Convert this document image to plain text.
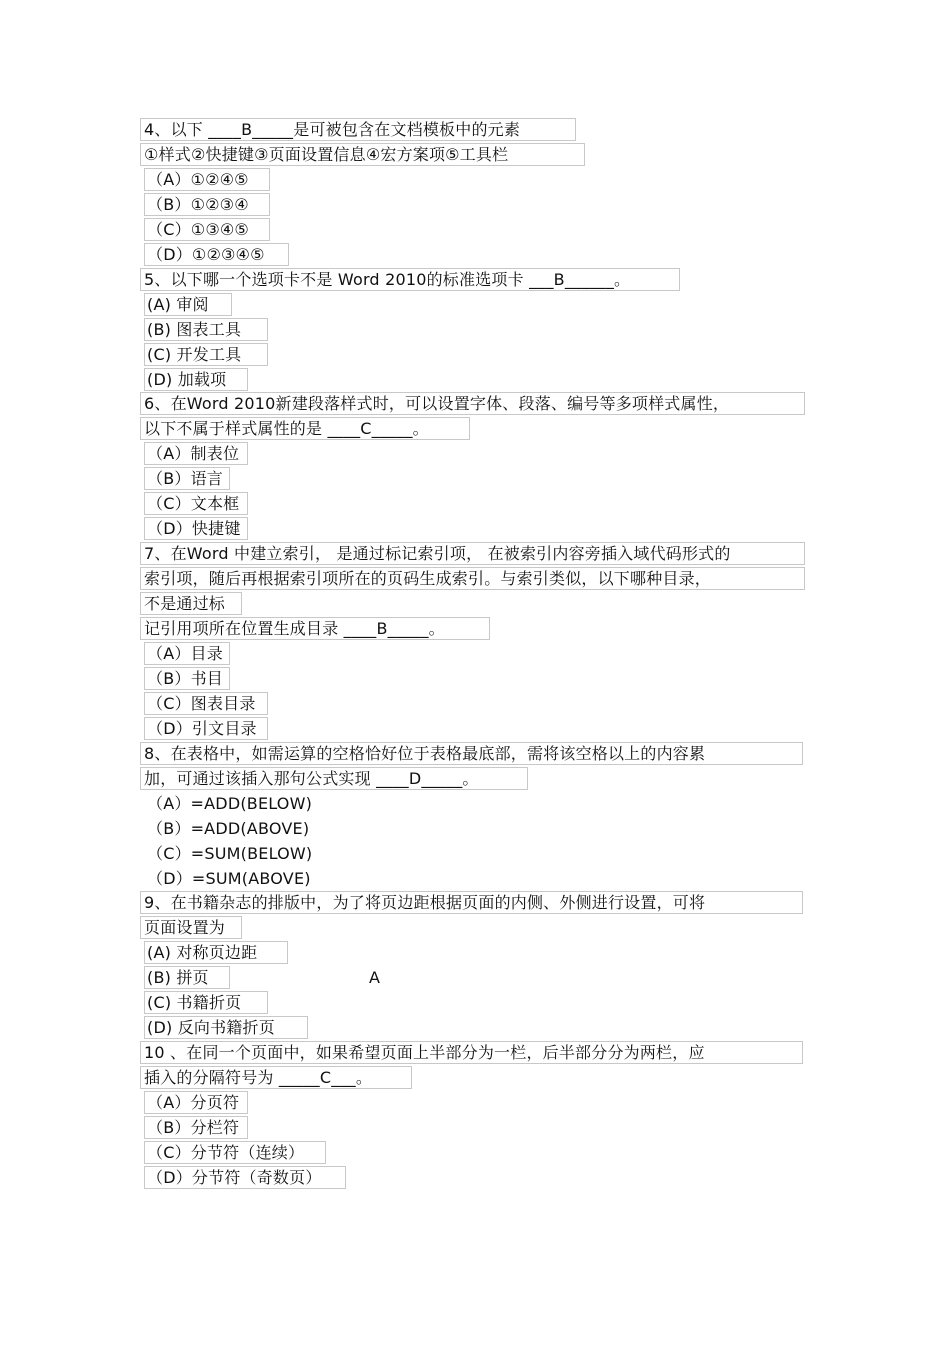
4、以下 ____B_____是可被包含在文档模板中的元素
①样式②快捷键③页面设置信息④宏方案项⑤工具栏
（A）①②④⑤
（B）①②③④
（C）①③④⑤
（D）①②③④⑤
5、以下哪一个选项卡不是 Word 2010的标准选项卡 ___B______。
(A) 审阅
(B) 图表工具
(C) 开发工具
(D) 加载项
6、在Word 2010新建段落样式时，可以设置字体、段落、编号等多项样式属性，
以下不属于样式属性的是 ____C_____。
（A）制表位
（B）语言
（C）文本框
（D）快捷键
7、在Word 中建立索引， 是通过标记索引项， 在被索引内容旁插入域代码形式的
索引项，随后再根据索引项所在的页码生成索引。与索引类似，以下哪种目录，
不是通过标
记引用项所在位置生成目录 ____B_____。
（A）目录
（B）书目
（C）图表目录
（D）引文目录
8、在表格中，如需运算的空格恰好位于表格最底部，需将该空格以上的内容累
加，可通过该插入那句公式实现 ____D_____。
（A）=ADD(BELOW)
（B）=ADD(ABOVE)
（C）=SUM(BELOW)
（D）=SUM(ABOVE)
9、在书籍杂志的排版中，为了将页边距根据页面的内侧、外侧进行设置，可将
页面设置为
(A) 对称页边距
(B) 拼页	A
(C) 书籍折页
(D) 反向书籍折页
10 、在同一个页面中，如果希望页面上半部分为一栏，后半部分分为两栏，应
插入的分隔符号为 _____C___。
（A）分页符
（B）分栏符
（C）分节符（连续）
（D）分节符（奇数页）
